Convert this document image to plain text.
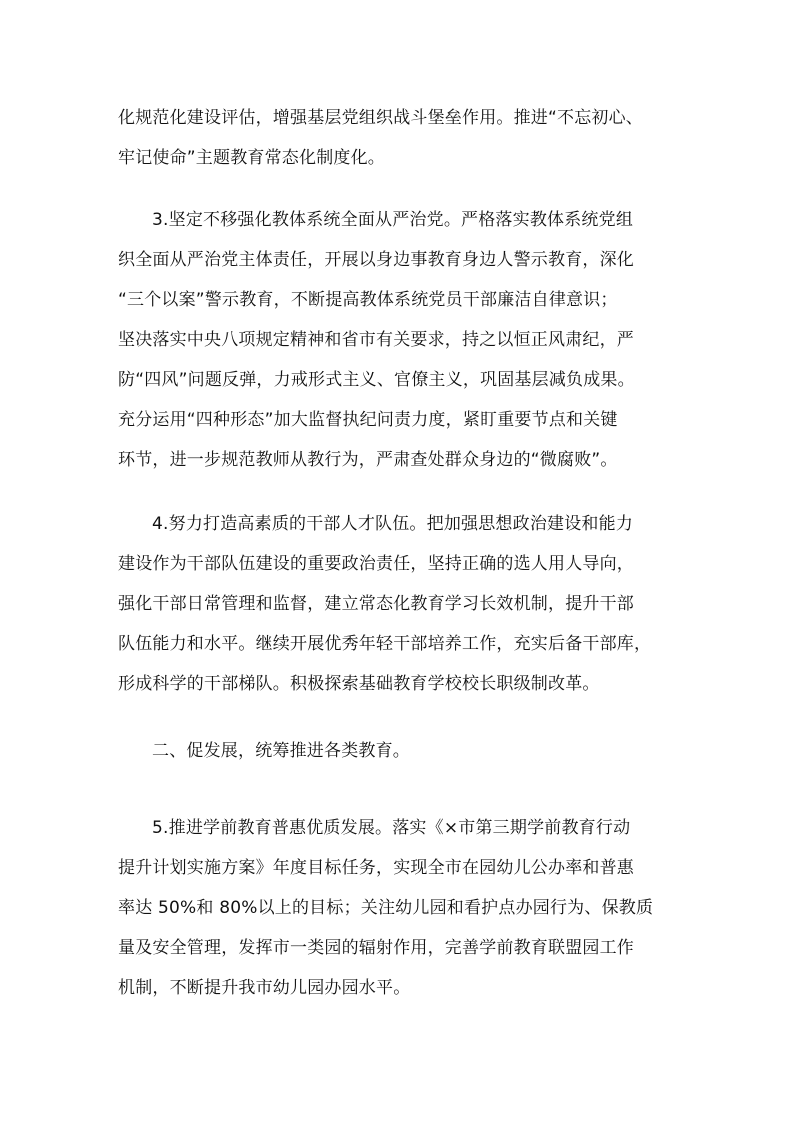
化规范化建设评估，增强基层党组织战斗堡垒作用。推进“不忘初心、
牢记使命”主题教育常态化制度化。
3.坚定不移强化教体系统全面从严治党。严格落实教体系统党组
织全面从严治党主体责任，开展以身边事教育身边人警示教育，深化
“三个以案”警示教育，不断提高教体系统党员干部廉洁自律意识；
坚决落实中央八项规定精神和省市有关要求，持之以恒正风肃纪，严
防“四风”问题反弹，力戒形式主义、官僚主义，巩固基层减负成果。
充分运用“四种形态”加大监督执纪问责力度，紧盯重要节点和关键
环节，进一步规范教师从教行为，严肃查处群众身边的“微腐败”。
4.努力打造高素质的干部人才队伍。把加强思想政治建设和能力
建设作为干部队伍建设的重要政治责任，坚持正确的选人用人导向，
强化干部日常管理和监督，建立常态化教育学习长效机制，提升干部
队伍能力和水平。继续开展优秀年轻干部培养工作，充实后备干部库，
形成科学的干部梯队。积极探索基础教育学校校长职级制改革。
二、促发展，统筹推进各类教育。
5.推进学前教育普惠优质发展。落实《×市第三期学前教育行动
提升计划实施方案》年度目标任务，实现全市在园幼儿公办率和普惠
率达 50%和 80%以上的目标；关注幼儿园和看护点办园行为、保教质
量及安全管理，发挥市一类园的辐射作用，完善学前教育联盟园工作
机制，不断提升我市幼儿园办园水平。
